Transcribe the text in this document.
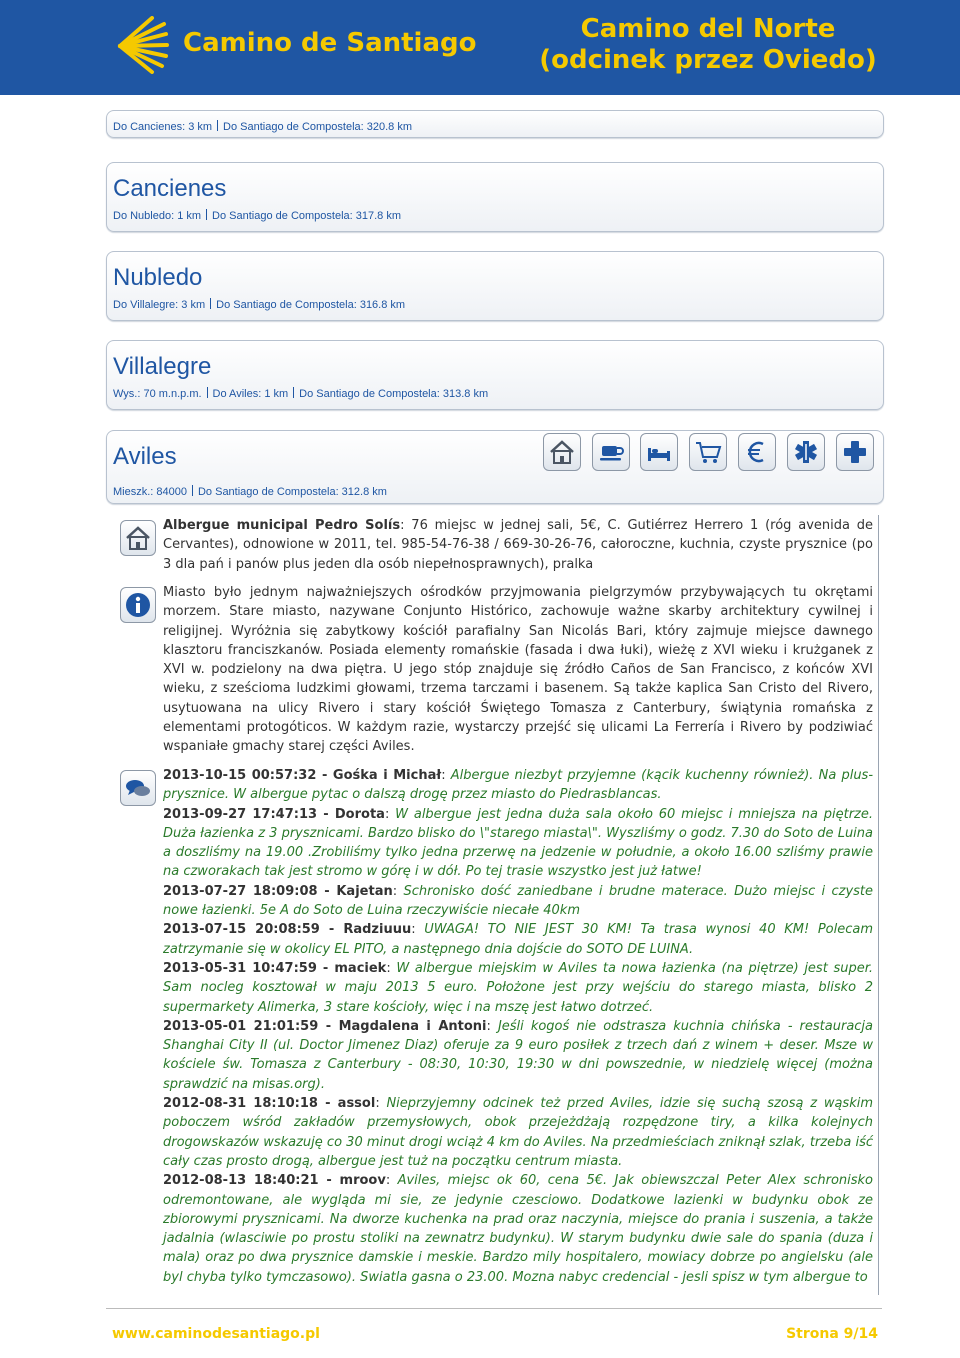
Camino de Santiago	Camino del Norte (odcinek przez Oviedo)
Do Cancienes: 3 km Do Santiago de Compostela: 320.8 km
Cancienes
Do Nubledo: 1 km Do Santiago de Compostela: 317.8 km
Nubledo
Do Villalegre: 3 km Do Santiago de Compostela: 316.8 km
Villalegre
Wys.: 70 m.n.p.m. Do Aviles: 1 km Do Santiago de Compostela: 313.8 km
Aviles
Mieszk.: 84000 Do Santiago de Compostela: 312.8 km

Albergue municipal Pedro Solís: 76 miejsc w jednej sali, 5€, C. Gutiérrez Herrero 1 (róg avenida de Cervantes), odnowione w 2011, tel. 985-54-76-38 / 669-30-26-76, całoroczne, kuchnia, czyste prysznice (po 3 dla pań i panów plus jeden dla osób niepełnosprawnych), pralka

Miasto było jednym najważniejszych ośrodków przyjmowania pielgrzymów przybywających tu okrętami morzem. Stare miasto, nazywane Conjunto Histórico, zachowuje ważne skarby architektury cywilnej i religijnej. Wyróżnia się zabytkowy kościół parafialny San Nicolás Bari, który zajmuje miejsce dawnego klasztoru franciszkanów. Posiada elementy romańskie (fasada i dwa łuki), wieżę z XVI wieku i krużganek z XVI w. podzielony na dwa piętra. U jego stóp znajduje się źródło Caños de San Francisco, z końców XVI wieku, z sześcioma ludzkimi głowami, trzema tarczami i basenem. Są także kaplica San Cristo del Rivero, usytuowana na ulicy Rivero i stary kościół Świętego Tomasza z Canterbury, świątynia romańska z elementami protogóticos. W każdym razie, wystarczy przejść się ulicami La Ferrería i Rivero by podziwiać wspaniałe gmachy starej części Aviles.

2013-10-15 00:57:32 - Gośka i Michał: Albergue niezbyt przyjemne (kącik kuchenny również). Na plus- prysznice. W albergue pytac o dalszą drogę przez miasto do Piedrasblancas.

2013-09-27 17:47:13 - Dorota: W albergue jest jedna duża sala około 60 miejsc i mniejsza na piętrze. Duża łazienka z 3 prysznicami. Bardzo blisko do \"starego miasta\". Wyszliśmy o godz. 7.30 do Soto de Luina a doszliśmy na 19.00 .Zrobiliśmy tylko jedna przerwę na jedzenie w południe, a około 16.00 szliśmy prawie na czworakach tak jest stromo w górę i w dół. Po tej trasie wszystko jest już łatwe!

2013-07-27 18:09:08 - Kajetan: Schronisko dość zaniedbane i brudne materace. Dużo miejsc i czyste nowe łazienki. 5e A do Soto de Luina rzeczywiście niecałe 40km

2013-07-15 20:08:59 - Radziuuu: UWAGA! TO NIE JEST 30 KM! Ta trasa wynosi 40 KM! Polecam zatrzymanie się w okolicy EL PITO, a następnego dnia dojście do SOTO DE LUINA.

2013-05-31 10:47:59 - maciek: W albergue miejskim w Aviles ta nowa łazienka (na piętrze) jest super. Sam nocleg kosztował w maju 2013 5 euro. Położone jest przy wejściu do starego miasta, blisko 2 supermarkety Alimerka, 3 stare kościoły, więc i na mszę jest łatwo dotrzeć.

2013-05-01 21:01:59 - Magdalena i Antoni: Jeśli kogoś nie odstrasza kuchnia chińska - restauracja Shanghai City II (ul. Doctor Jimenez Diaz) oferuje za 9 euro posiłek z trzech dań z winem + deser. Msze w kościele św. Tomasza z Canterbury - 08:30, 10:30, 19:30 w dni powszednie, w niedzielę więcej (można sprawdzić na misas.org).

2012-08-31 18:10:18 - assol: Nieprzyjemny odcinek też przed Aviles, idzie się suchą szosą z wąskim poboczem wśród zakładów przemysłowych, obok przejeżdżają rozpędzone tiry, a kilka kolejnych drogowskazów wskazuję co 30 minut drogi wciąż 4 km do Aviles. Na przedmieściach zniknął szlak, trzeba iść cały czas prosto drogą, albergue jest tuż na początku centrum miasta.

2012-08-13 18:40:21 - mroov: Aviles, miejsc ok 60, cena 5€. Jak obiewszczal Peter Alex schronisko odremontowane, ale wygląda mi sie, ze jedynie czesciowo. Dodatkowe lazienki w budynku obok ze zbiorowymi prysznicami. Na dworze kuchenka na prad oraz naczynia, miejsce do prania i suszenia, a także jadalnia (wlasciwie po prostu stoliki na zewnatrz budynku). W starym budynku dwie sale do spania (duza i mala) oraz po dwa prysznice damskie i meskie. Bardzo mily hospitalero, mowiacy dobrze po angielsku (ale byl chyba tylko tymczasowo). Swiatla gasna o 23.00. Mozna nabyc credencial - jesli spisz w tym albergue to

www.caminodesantiago.pl	Strona 9/14
